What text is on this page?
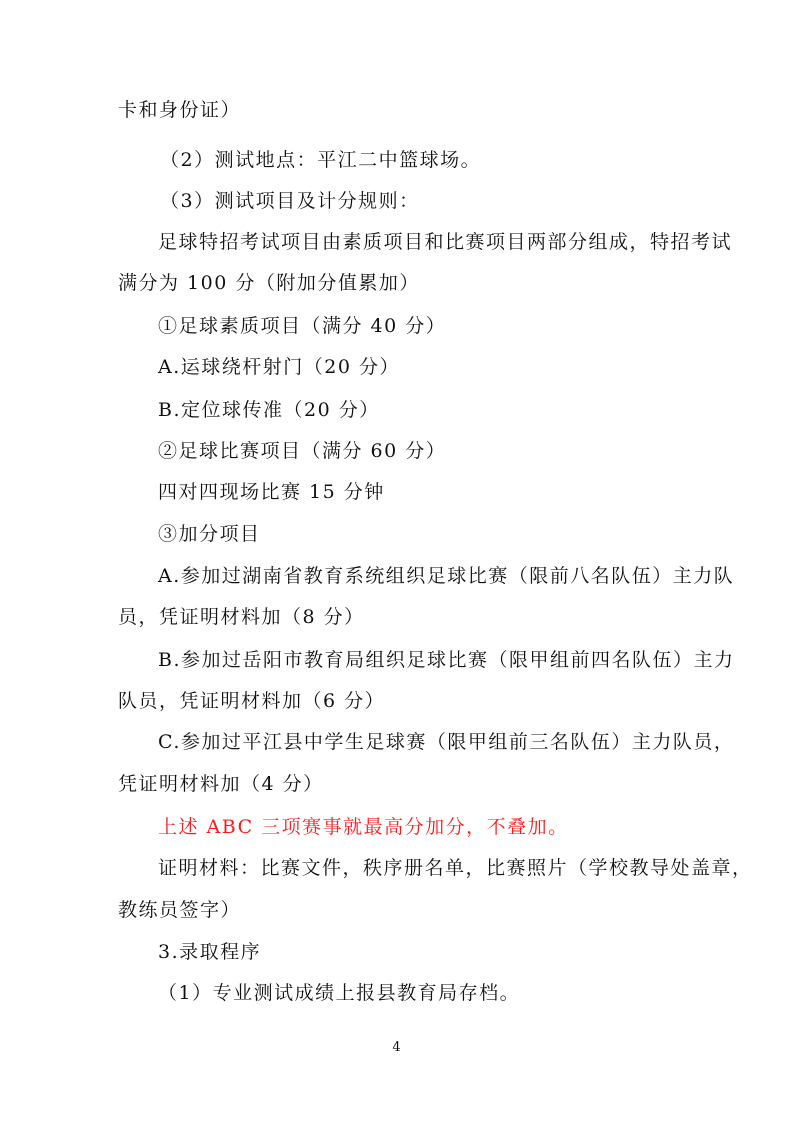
卡和身份证）
（2）测试地点：平江二中篮球场。
（3）测试项目及计分规则：
足球特招考试项目由素质项目和比赛项目两部分组成，特招考试
满分为 100 分（附加分值累加）
①足球素质项目（满分 40 分）
A.运球绕杆射门（20 分）
B.定位球传准（20 分）
②足球比赛项目（满分 60 分）
四对四现场比赛 15 分钟
③加分项目
A.参加过湖南省教育系统组织足球比赛（限前八名队伍）主力队
员，凭证明材料加（8 分）
B.参加过岳阳市教育局组织足球比赛（限甲组前四名队伍）主力
队员，凭证明材料加（6 分）
C.参加过平江县中学生足球赛（限甲组前三名队伍）主力队员，
凭证明材料加（4 分）
上述 ABC 三项赛事就最高分加分，不叠加。
证明材料：比赛文件，秩序册名单，比赛照片（学校教导处盖章，
教练员签字）
3.录取程序
（1）专业测试成绩上报县教育局存档。
4
